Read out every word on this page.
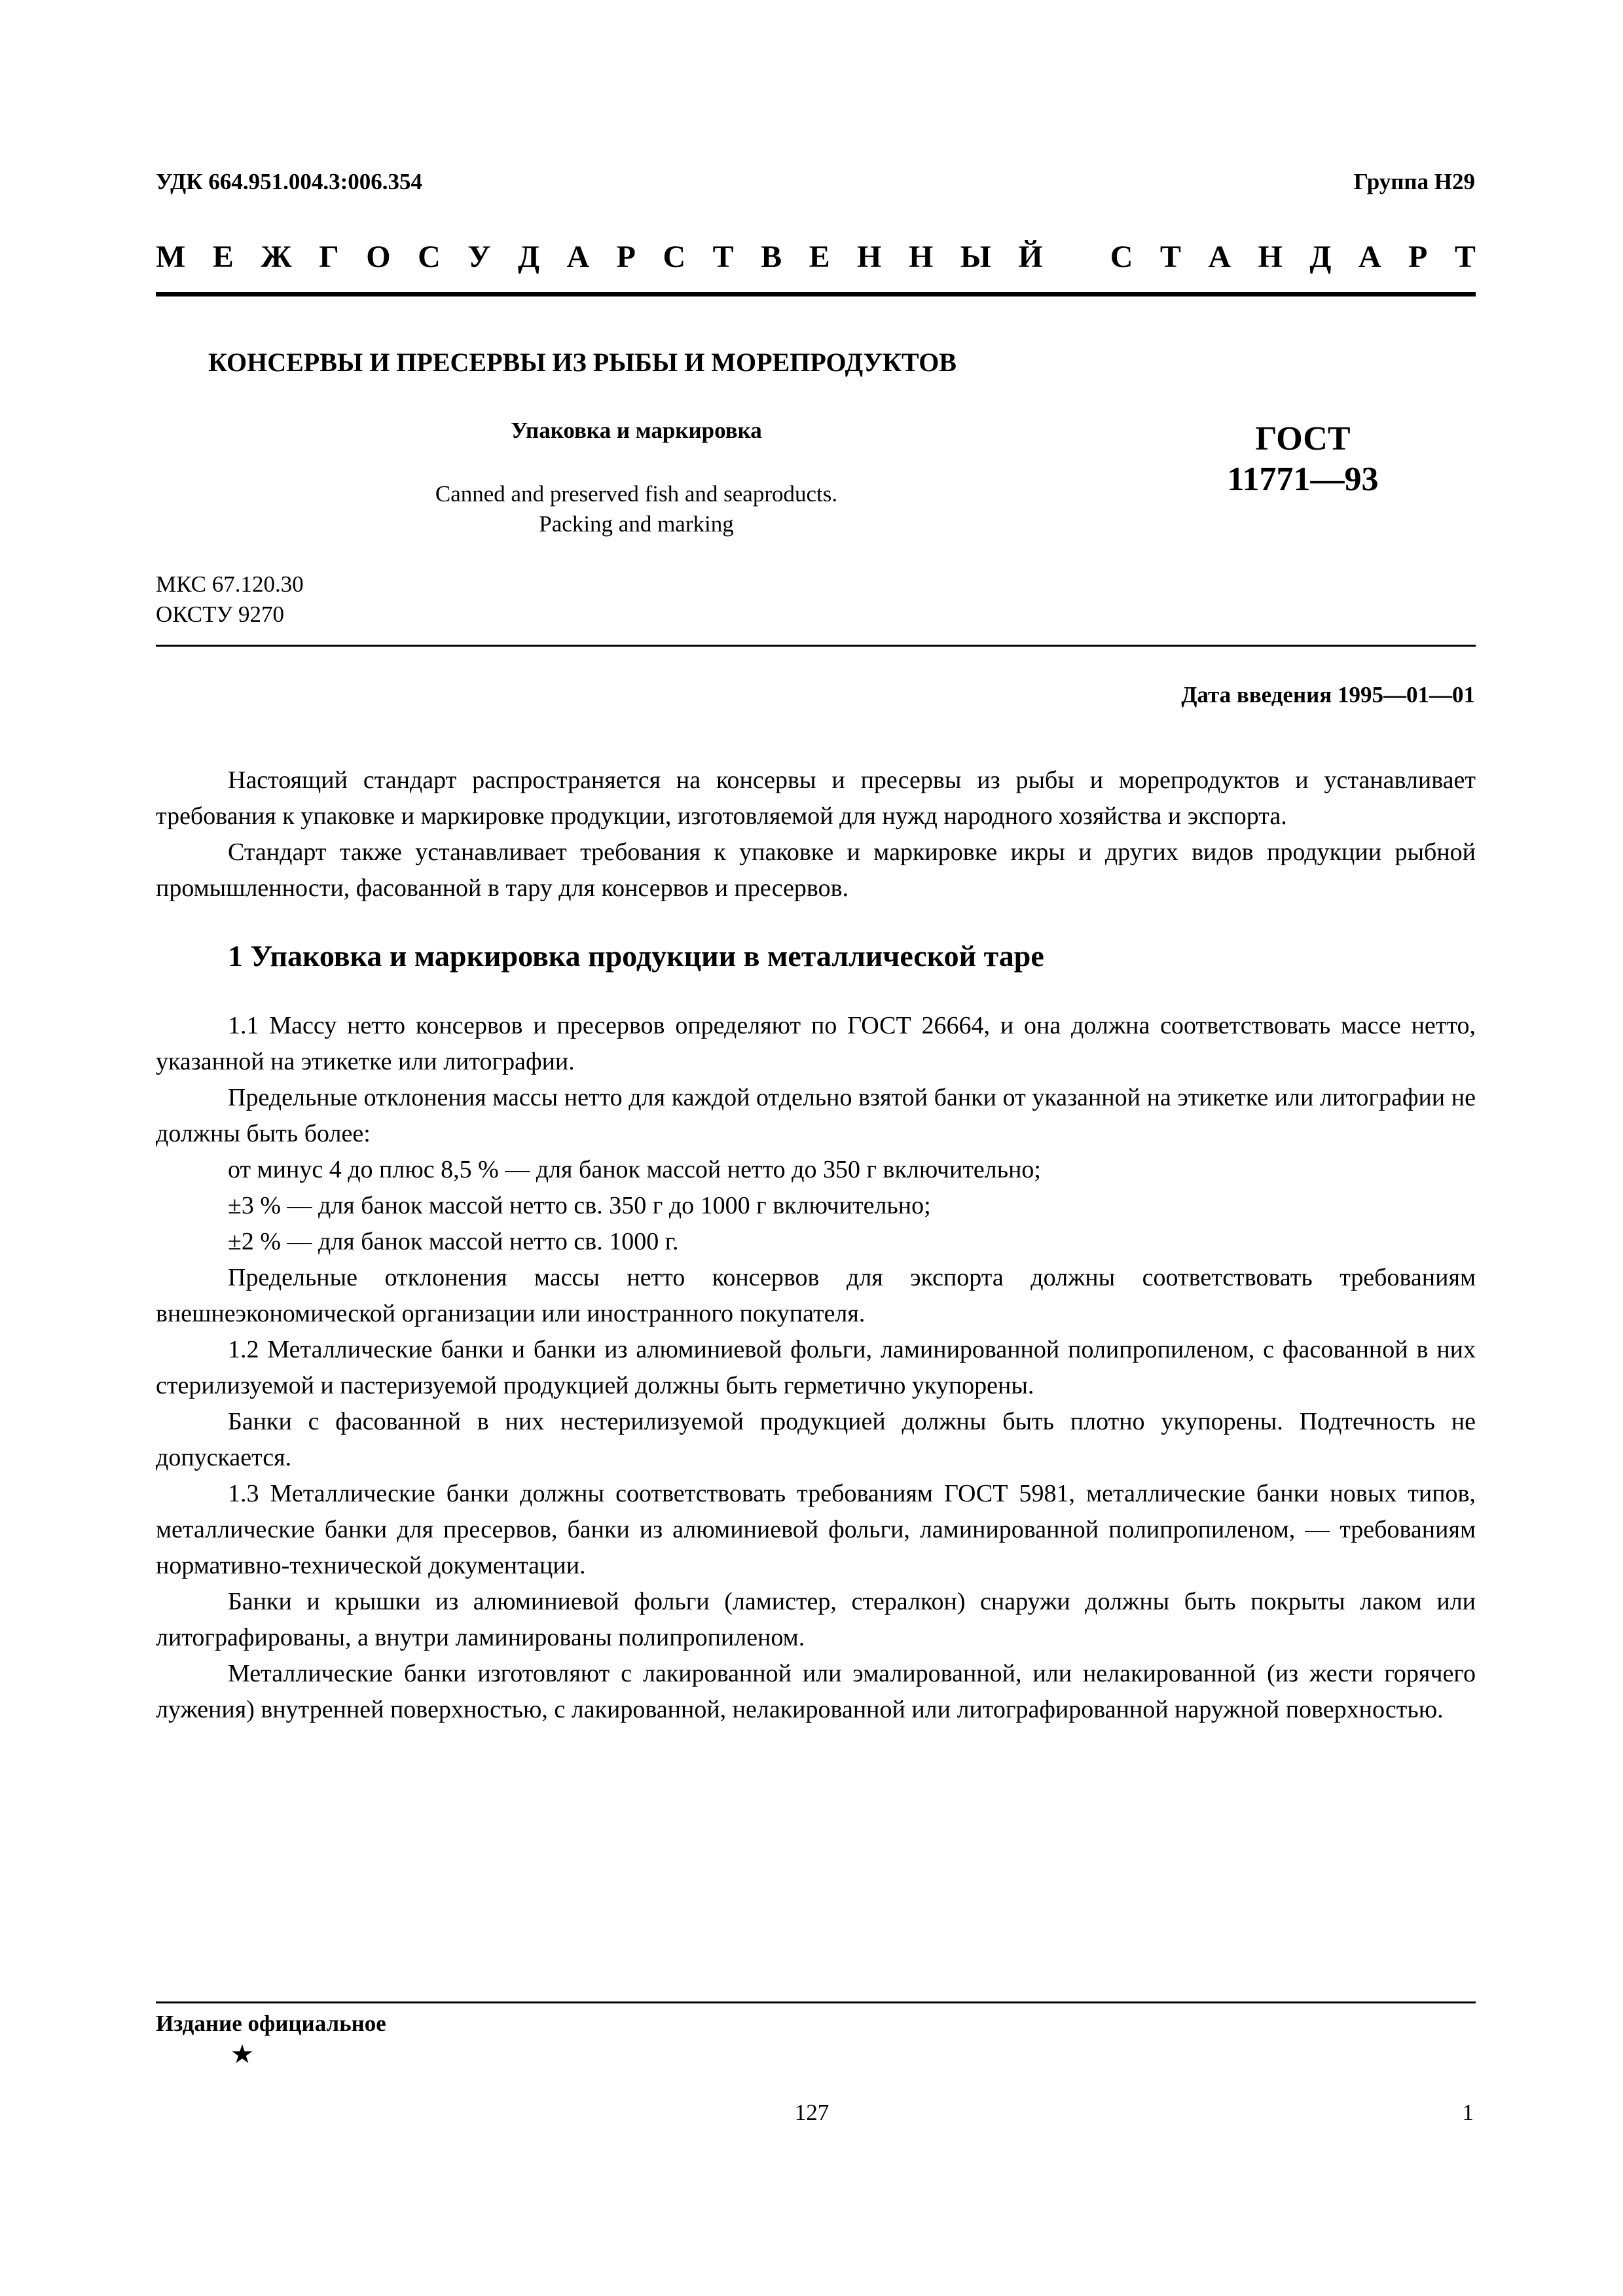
УДК 664.951.004.3:006.354	Группа Н29
М Е Ж Г О С У Д А Р С Т В Е Н Н Ы Й С Т А Н Д А Р Т
КОНСЕРВЫ И ПРЕСЕРВЫ ИЗ РЫБЫ И МОРЕПРОДУКТОВ
Упаковка и маркировка
Canned and preserved fish and seaproducts.
Packing and marking
ГОСТ
11771—93
МКС 67.120.30
ОКСТУ 9270
Дата введения 1995—01—01

Настоящий стандарт распространяется на консервы и пресервы из рыбы и морепродуктов и устанавливает требования к упаковке и маркировке продукции, изготовляемой для нужд народного хозяйства и экспорта.

Стандарт также устанавливает требования к упаковке и маркировке икры и других видов продукции рыбной промышленности, фасованной в тару для консервов и пресервов.

1 Упаковка и маркировка продукции в металлической таре

1.1 Массу нетто консервов и пресервов определяют по ГОСТ 26664, и она должна соответствовать массе нетто, указанной на этикетке или литографии.

Предельные отклонения массы нетто для каждой отдельно взятой банки от указанной на этикетке или литографии не должны быть более:

от минус 4 до плюс 8,5 % — для банок массой нетто до 350 г включительно;

±3 % — для банок массой нетто св. 350 г до 1000 г включительно;

±2 % — для банок массой нетто св. 1000 г.

Предельные отклонения массы нетто консервов для экспорта должны соответствовать требованиям внешнеэкономической организации или иностранного покупателя.

1.2 Металлические банки и банки из алюминиевой фольги, ламинированной полипропиленом, с фасованной в них стерилизуемой и пастеризуемой продукцией должны быть герметично укупорены.

Банки с фасованной в них нестерилизуемой продукцией должны быть плотно укупорены. Подтечность не допускается.

1.3 Металлические банки должны соответствовать требованиям ГОСТ 5981, металлические банки новых типов, металлические банки для пресервов, банки из алюминиевой фольги, ламинированной полипропиленом, — требованиям нормативно-технической документации.

Банки и крышки из алюминиевой фольги (ламистер, стералкон) снаружи должны быть покрыты лаком или литографированы, а внутри ламинированы полипропиленом.

Металлические банки изготовляют с лакированной или эмалированной, или нелакированной (из жести горячего лужения) внутренней поверхностью, с лакированной, нелакированной или литографированной наружной поверхностью.

Издание официальное
★
127	1
